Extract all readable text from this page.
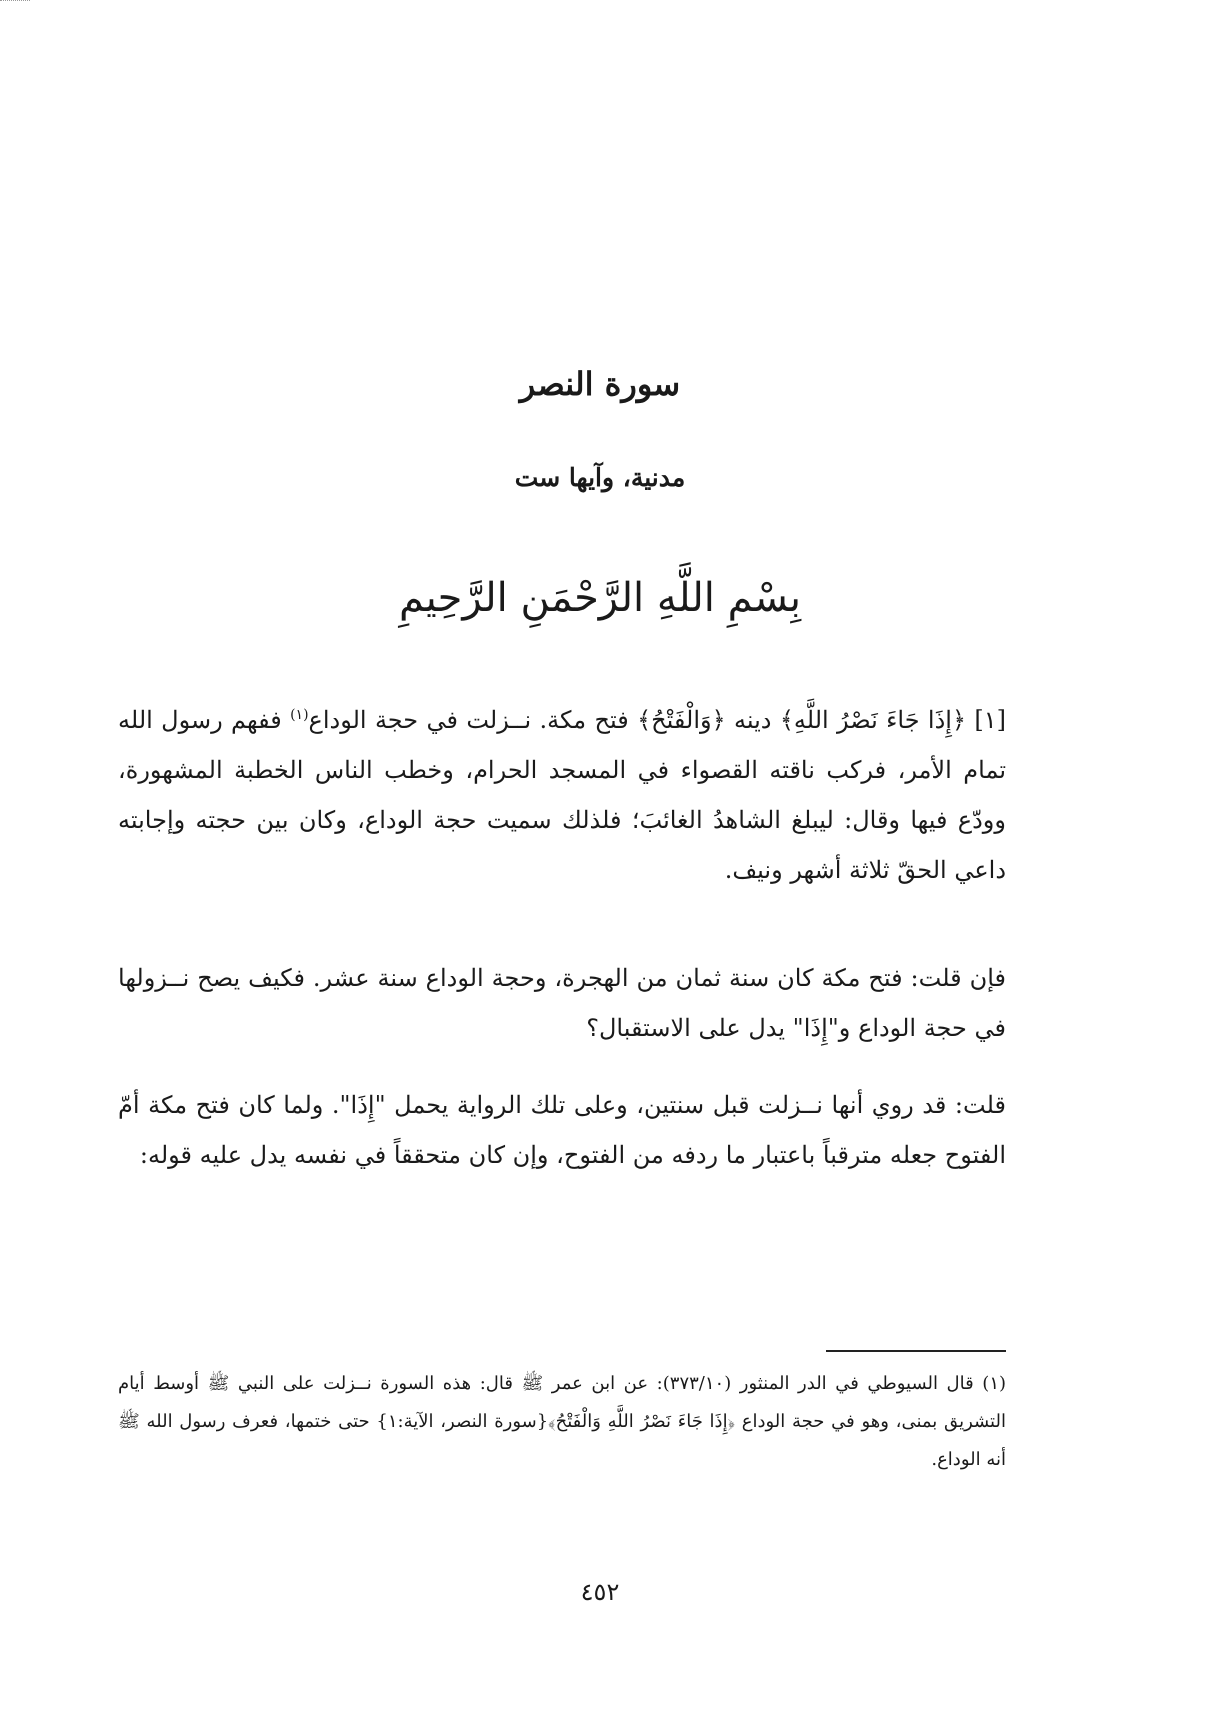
سورة النصر
مدنية، وآيها ست
بِسْمِ اللَّهِ الرَّحْمَنِ الرَّحِيمِ
[١] ﴿إِذَا جَاءَ نَصْرُ اللَّهِ﴾ دينه ﴿وَالْفَتْحُ﴾ فتح مكة. نــزلت في حجة الوداع$^{(١)}$ ففهم رسول الله تمام الأمر، فركب ناقته القصواء في المسجد الحرام، وخطب الناس الخطبة المشهورة، وودّع فيها وقال: ليبلغ الشاهدُ الغائبَ؛ فلذلك سميت حجة الوداع، وكان بين حجته وإجابته داعي الحقّ ثلاثة أشهر ونيف.
فإن قلت: فتح مكة كان سنة ثمان من الهجرة، وحجة الوداع سنة عشر. فكيف يصح نــزولها في حجة الوداع و"إِذَا" يدل على الاستقبال؟
قلت: قد روي أنها نــزلت قبل سنتين، وعلى تلك الرواية يحمل "إِذَا". ولما كان فتح مكة أمّ الفتوح جعله مترقباً باعتبار ما ردفه من الفتوح، وإن كان متحققاً في نفسه يدل عليه قوله:
(١) قال السيوطي في الدر المنثور (٣٧٣/١٠): عن ابن عمر ﷺ قال: هذه السورة نــزلت على النبي ﷺ أوسط أيام التشريق بمنى، وهو في حجة الوداع ﴿إِذَا جَاءَ نَصْرُ اللَّهِ وَالْفَتْحُ﴾{سورة النصر، الآية:١} حتى ختمها، فعرف رسول الله ﷺ أنه الوداع.
٤٥٢
